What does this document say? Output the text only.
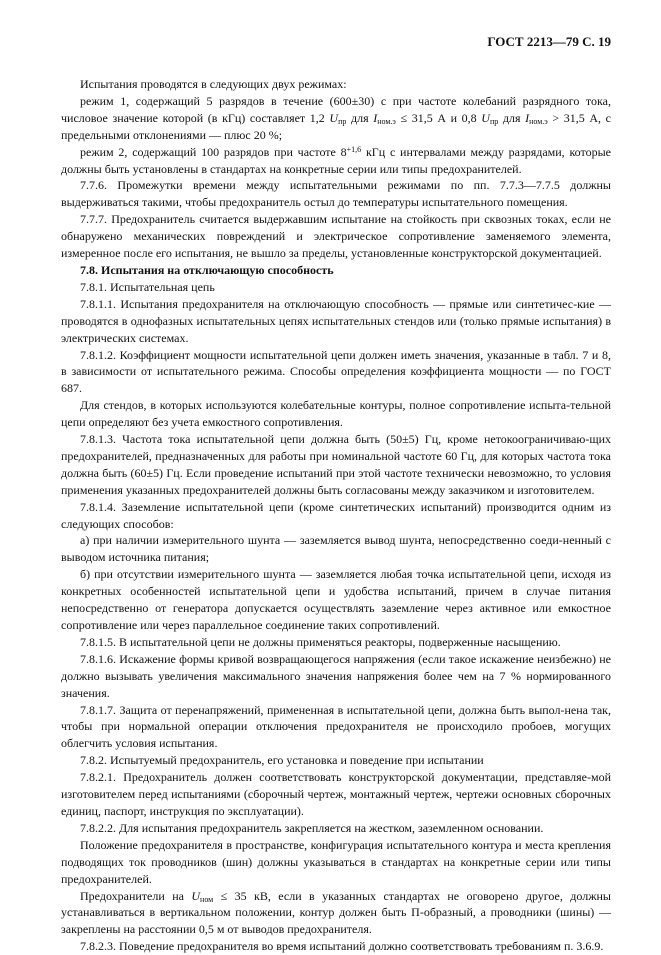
ГОСТ 2213—79 С. 19

Испытания проводятся в следующих двух режимах:

режим 1, содержащий 5 разрядов в течение (600±30) с при частоте колебаний разрядного тока, числовое значение которой (в кГц) составляет 1,2 $U_{пр}$ для $I_{ном.э} \le 31,5$ А и 0,8 $U_{пр}$ для $I_{ном.э} > 31,5$ А, с предельными отклонениями — плюс 20 %;

режим 2, содержащий 100 разрядов при частоте $8^{+1,6}$ кГц с интервалами между разрядами, которые должны быть установлены в стандартах на конкретные серии или типы предохранителей.

7.7.6. Промежутки времени между испытательными режимами по пп. 7.7.3—7.7.5 должны выдерживаться такими, чтобы предохранитель остыл до температуры испытательного помещения.

7.7.7. Предохранитель считается выдержавшим испытание на стойкость при сквозных токах, если не обнаружено механических повреждений и электрическое сопротивление заменяемого элемента, измеренное после его испытания, не вышло за пределы, установленные конструкторской документацией.

7.8. Испытания на отключающую способность

7.8.1. Испытательная цепь

7.8.1.1. Испытания предохранителя на отключающую способность — прямые или синтетичес-кие — проводятся в однофазных испытательных цепях испытательных стендов или (только прямые испытания) в электрических системах.

7.8.1.2. Коэффициент мощности испытательной цепи должен иметь значения, указанные в табл. 7 и 8, в зависимости от испытательного режима. Способы определения коэффициента мощности — по ГОСТ 687.

Для стендов, в которых используются колебательные контуры, полное сопротивление испыта-тельной цепи определяют без учета емкостного сопротивления.

7.8.1.3. Частота тока испытательной цепи должна быть (50±5) Гц, кроме нетокоограничиваю-щих предохранителей, предназначенных для работы при номинальной частоте 60 Гц, для которых частота тока должна быть (60±5) Гц. Если проведение испытаний при этой частоте технически невозможно, то условия применения указанных предохранителей должны быть согласованы между заказчиком и изготовителем.

7.8.1.4. Заземление испытательной цепи (кроме синтетических испытаний) производится одним из следующих способов:

а) при наличии измерительного шунта — заземляется вывод шунта, непосредственно соеди-ненный с выводом источника питания;

б) при отсутствии измерительного шунта — заземляется любая точка испытательной цепи, исходя из конкретных особенностей испытательной цепи и удобства испытаний, причем в случае питания непосредственно от генератора допускается осуществлять заземление через активное или емкостное сопротивление или через параллельное соединение таких сопротивлений.

7.8.1.5. В испытательной цепи не должны применяться реакторы, подверженные насыщению.

7.8.1.6. Искажение формы кривой возвращающегося напряжения (если такое искажение неизбежно) не должно вызывать увеличения максимального значения напряжения более чем на 7 % нормированного значения.

7.8.1.7. Защита от перенапряжений, примененная в испытательной цепи, должна быть выпол-нена так, чтобы при нормальной операции отключения предохранителя не происходило пробоев, могущих облегчить условия испытания.

7.8.2. Испытуемый предохранитель, его установка и поведение при испытании

7.8.2.1. Предохранитель должен соответствовать конструкторской документации, представляе-мой изготовителем перед испытаниями (сборочный чертеж, монтажный чертеж, чертежи основных сборочных единиц, паспорт, инструкция по эксплуатации).

7.8.2.2. Для испытания предохранитель закрепляется на жестком, заземленном основании.

Положение предохранителя в пространстве, конфигурация испытательного контура и места крепления подводящих ток проводников (шин) должны указываться в стандартах на конкретные серии или типы предохранителей.

Предохранители на $U_{ном} \le 35$ кВ, если в указанных стандартах не оговорено другое, должны устанавливаться в вертикальном положении, контур должен быть П-образный, а проводники (шины) — закреплены на расстоянии 0,5 м от выводов предохранителя.

7.8.2.3. Поведение предохранителя во время испытаний должно соответствовать требованиям п. 3.6.9.
